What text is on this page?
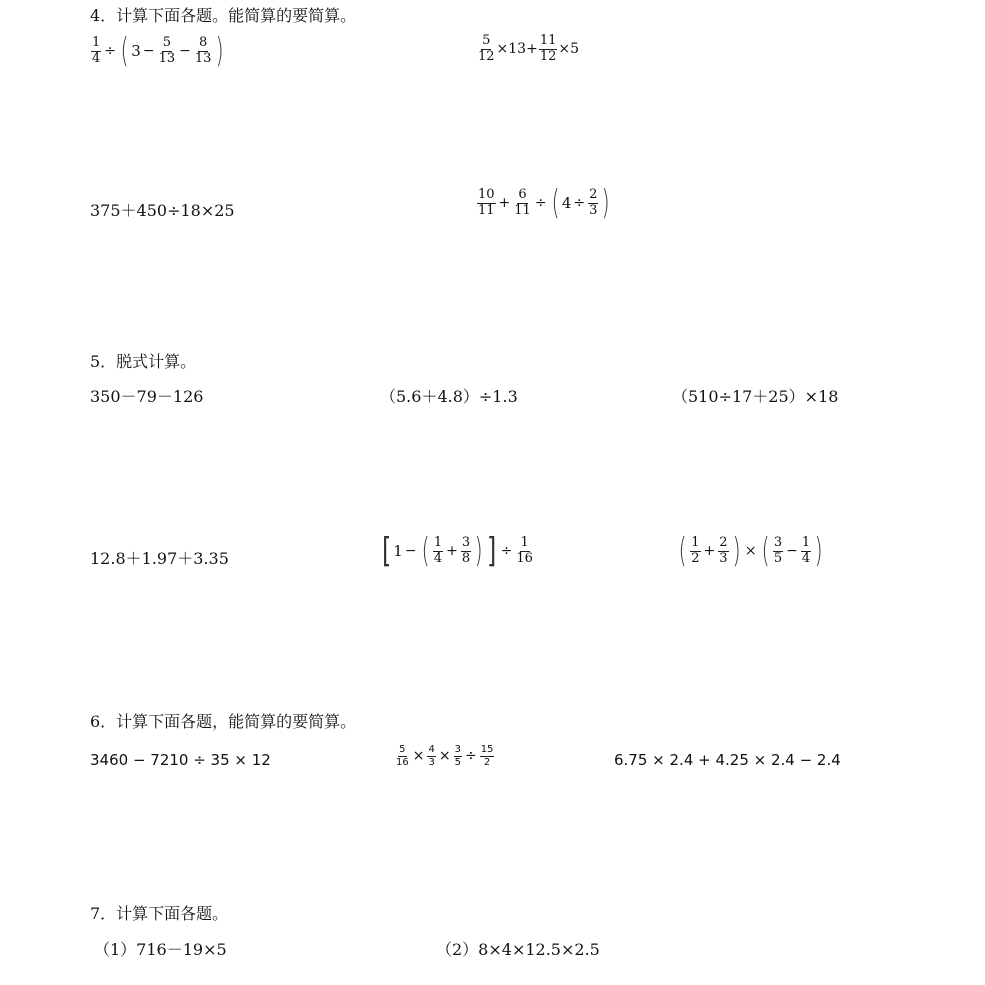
4．计算下面各题。能简算的要简算。
$\frac{1}{4}$ ÷ ( $3 - \frac{5}{13} - \frac{8}{13}$ )	$\frac{5}{12} \times 13+ \frac{11}{12} \times 5$
375＋450÷18×25	$\frac{10}{11} + \frac{6}{11}$ ÷ ( $4 \div \frac{2}{3}$ )
5．脱式计算。
350－79－126	（5.6＋4.8）÷1.3	（510÷17＋25）×18
12.8＋1.97＋3.35	[ 1 − ( $\frac{1}{4} + \frac{3}{8}$ ) ] ÷ $\frac{1}{16}$	( $\frac{1}{2} + \frac{2}{3}$ ) × ( $\frac{3}{5} - \frac{1}{4}$ )
6．计算下面各题，能简算的要简算。
3460 − 7210 ÷ 35 × 12	$\frac{5}{16} \times \frac{4}{3} \times \frac{3}{5} \div \frac{15}{2}$	6.75 × 2.4 + 4.25 × 2.4 − 2.4
7．计算下面各题。
（1）716－19×5	（2）8×4×12.5×2.5
